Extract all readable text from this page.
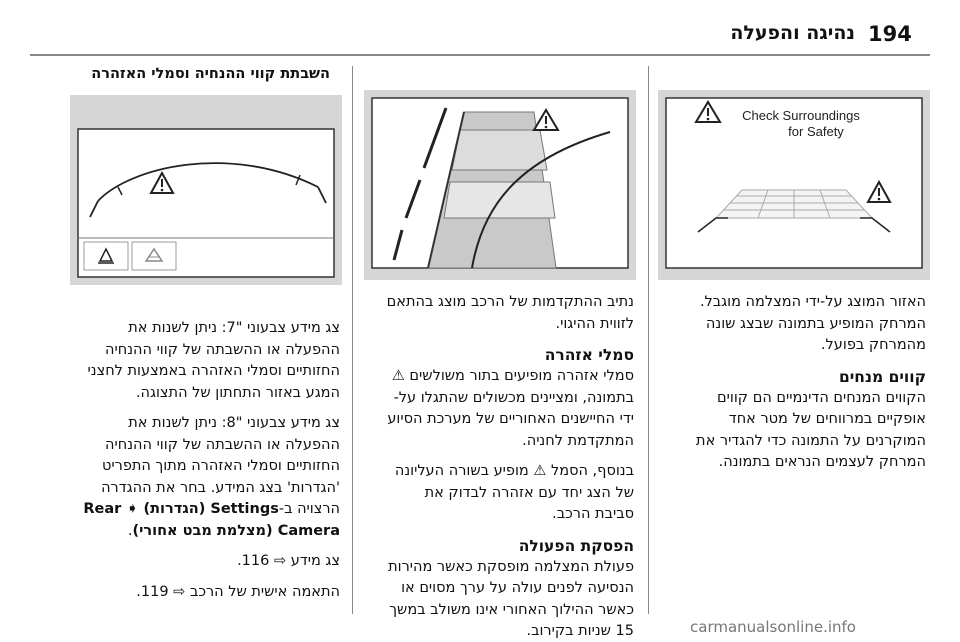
194
נהיגה והפעלה
Check Surroundings
for Safety

האזור המוצג על-ידי המצלמה מוגבל.

המרחק המופיע בתמונה שבצג שונה

מהמרחק בפועל.

קווים מנחים

הקווים המנחים הדינמיים הם קווים

אופקיים במרווחים של מטר אחד

המוקרנים על התמונה כדי להגדיר את

המרחק לעצמים הנראים בתמונה.

נתיב ההתקדמות של הרכב מוצג בהתאם

לזווית ההיגוי.

סמלי אזהרה

סמלי אזהרה מופיעים בתור משולשים ⚠

בתמונה, ומציינים מכשולים שהתגלו על-

ידי החיישנים האחוריים של מערכת הסיוע

המתקדמת לחניה.

בנוסף, הסמל ⚠ מופיע בשורה העליונה

של הצג יחד עם אזהרה לבדוק את

סביבת הרכב.

הפסקת הפעולה

פעולת המצלמה מופסקת כאשר מהירות

הנסיעה לפנים עולה על ערך מסוים או

כאשר ההילוך האחורי אינו משולב במשך

15 שניות בקירוב.

השבתת קווי ההנחיה וסמלי האזהרה

צג מידע צבעוני "7: ניתן לשנות את

ההפעלה או ההשבתה של קווי ההנחיה

החזותיים וסמלי האזהרה באמצעות לחצני

המגע באזור התחתון של התצוגה.

צג מידע צבעוני "8: ניתן לשנות את

ההפעלה או ההשבתה של קווי ההנחיה

החזותיים וסמלי האזהרה מתוך התפריט

'הגדרות' בצג המידע. בחר את ההגדרה

הרצויה ב-Settings (הגדרות) ➧ Rear

Camera (מצלמת מבט אחורי).

צג מידע ⇨ 116.

התאמה אישית של הרכב ⇨ 119.

carmanualsonline.info
